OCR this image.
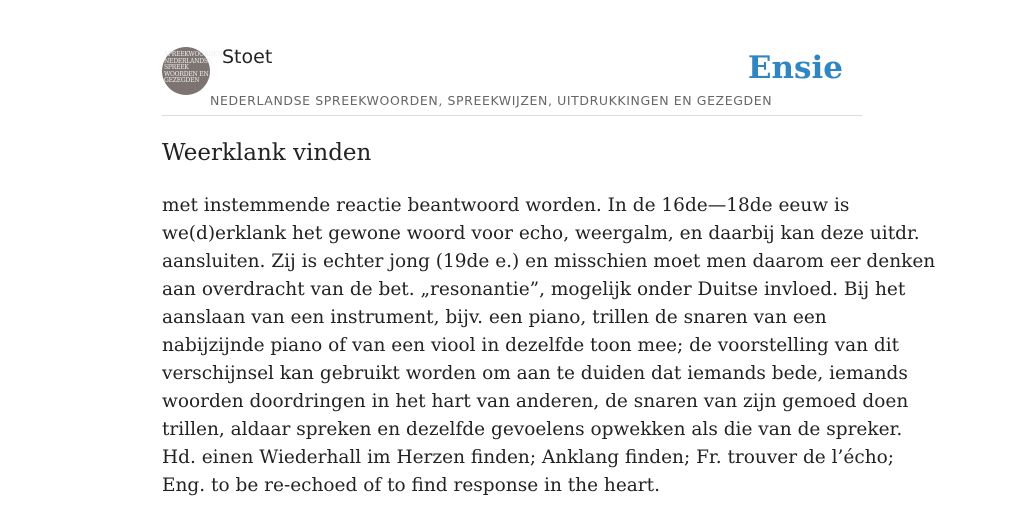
SPREEKWOORDEN
NEDERLANDSE
SPREEK
WOORDEN EN
GEZEGDEN
Stoet
NEDERLANDSE SPREEKWOORDEN, SPREEKWIJZEN, UITDRUKKINGEN EN GEZEGDEN
Ensie
Weerklank vinden
met instemmende reactie beantwoord worden. In de 16de—18de eeuw is
we(d)erklank het gewone woord voor echo, weergalm, en daarbij kan deze uitdr.
aansluiten. Zij is echter jong (19de e.) en misschien moet men daarom eer denken
aan overdracht van de bet. „resonantie”, mogelijk onder Duitse invloed. Bij het
aanslaan van een instrument, bijv. een piano, trillen de snaren van een
nabijzijnde piano of van een viool in dezelfde toon mee; de voorstelling van dit
verschijnsel kan gebruikt worden om aan te duiden dat iemands bede, iemands
woorden doordringen in het hart van anderen, de snaren van zijn gemoed doen
trillen, aldaar spreken en dezelfde gevoelens opwekken als die van de spreker.
Hd. einen Wiederhall im Herzen finden; Anklang finden; Fr. trouver de l’écho;
Eng. to be re-echoed of to find response in the heart.
